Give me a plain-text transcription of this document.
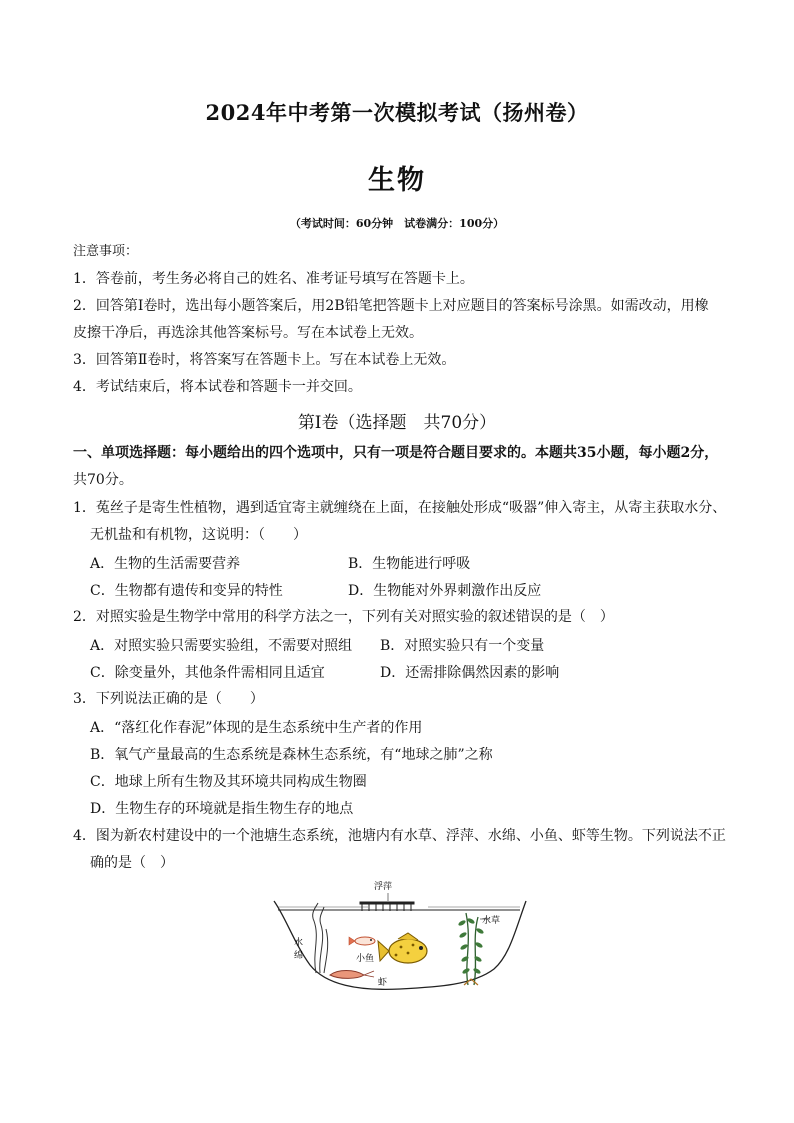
2024年中考第一次模拟考试（扬州卷）
生物
（考试时间：60分钟　试卷满分：100分）
注意事项：
1．答卷前，考生务必将自己的姓名、准考证号填写在答题卡上。
2．回答第Ⅰ卷时，选出每小题答案后，用2B铅笔把答题卡上对应题目的答案标号涂黑。如需改动，用橡
皮擦干净后，再选涂其他答案标号。写在本试卷上无效。
3．回答第Ⅱ卷时，将答案写在答题卡上。写在本试卷上无效。
4．考试结束后，将本试卷和答题卡一并交回。
第Ⅰ卷（选择题　共70分）
一、单项选择题：每小题给出的四个选项中，只有一项是符合题目要求的。本题共35小题，每小题2分，
共70分。
1．菟丝子是寄生性植物，遇到适宜寄主就缠绕在上面，在接触处形成“吸器”伸入寄主，从寄主获取水分、
无机盐和有机物，这说明：（　　）
A．生物的生活需要营养	B．生物能进行呼吸
C．生物都有遗传和变异的特性	D．生物能对外界刺激作出反应
2．对照实验是生物学中常用的科学方法之一，下列有关对照实验的叙述错误的是（　）
A．对照实验只需要实验组，不需要对照组 B．对照实验只有一个变量
C．除变量外，其他条件需相同且适宜	D．还需排除偶然因素的影响
3．下列说法正确的是（　　）
A．“落红化作春泥”体现的是生态系统中生产者的作用
B．氧气产量最高的生态系统是森林生态系统，有“地球之肺”之称
C．地球上所有生物及其环境共同构成生物圈
D．生物生存的环境就是指生物生存的地点
4．图为新农村建设中的一个池塘生态系统，池塘内有水草、浮萍、水绵、小鱼、虾等生物。下列说法不正
确的是（　）
浮萍
水
绵	小鱼
虾
水草
